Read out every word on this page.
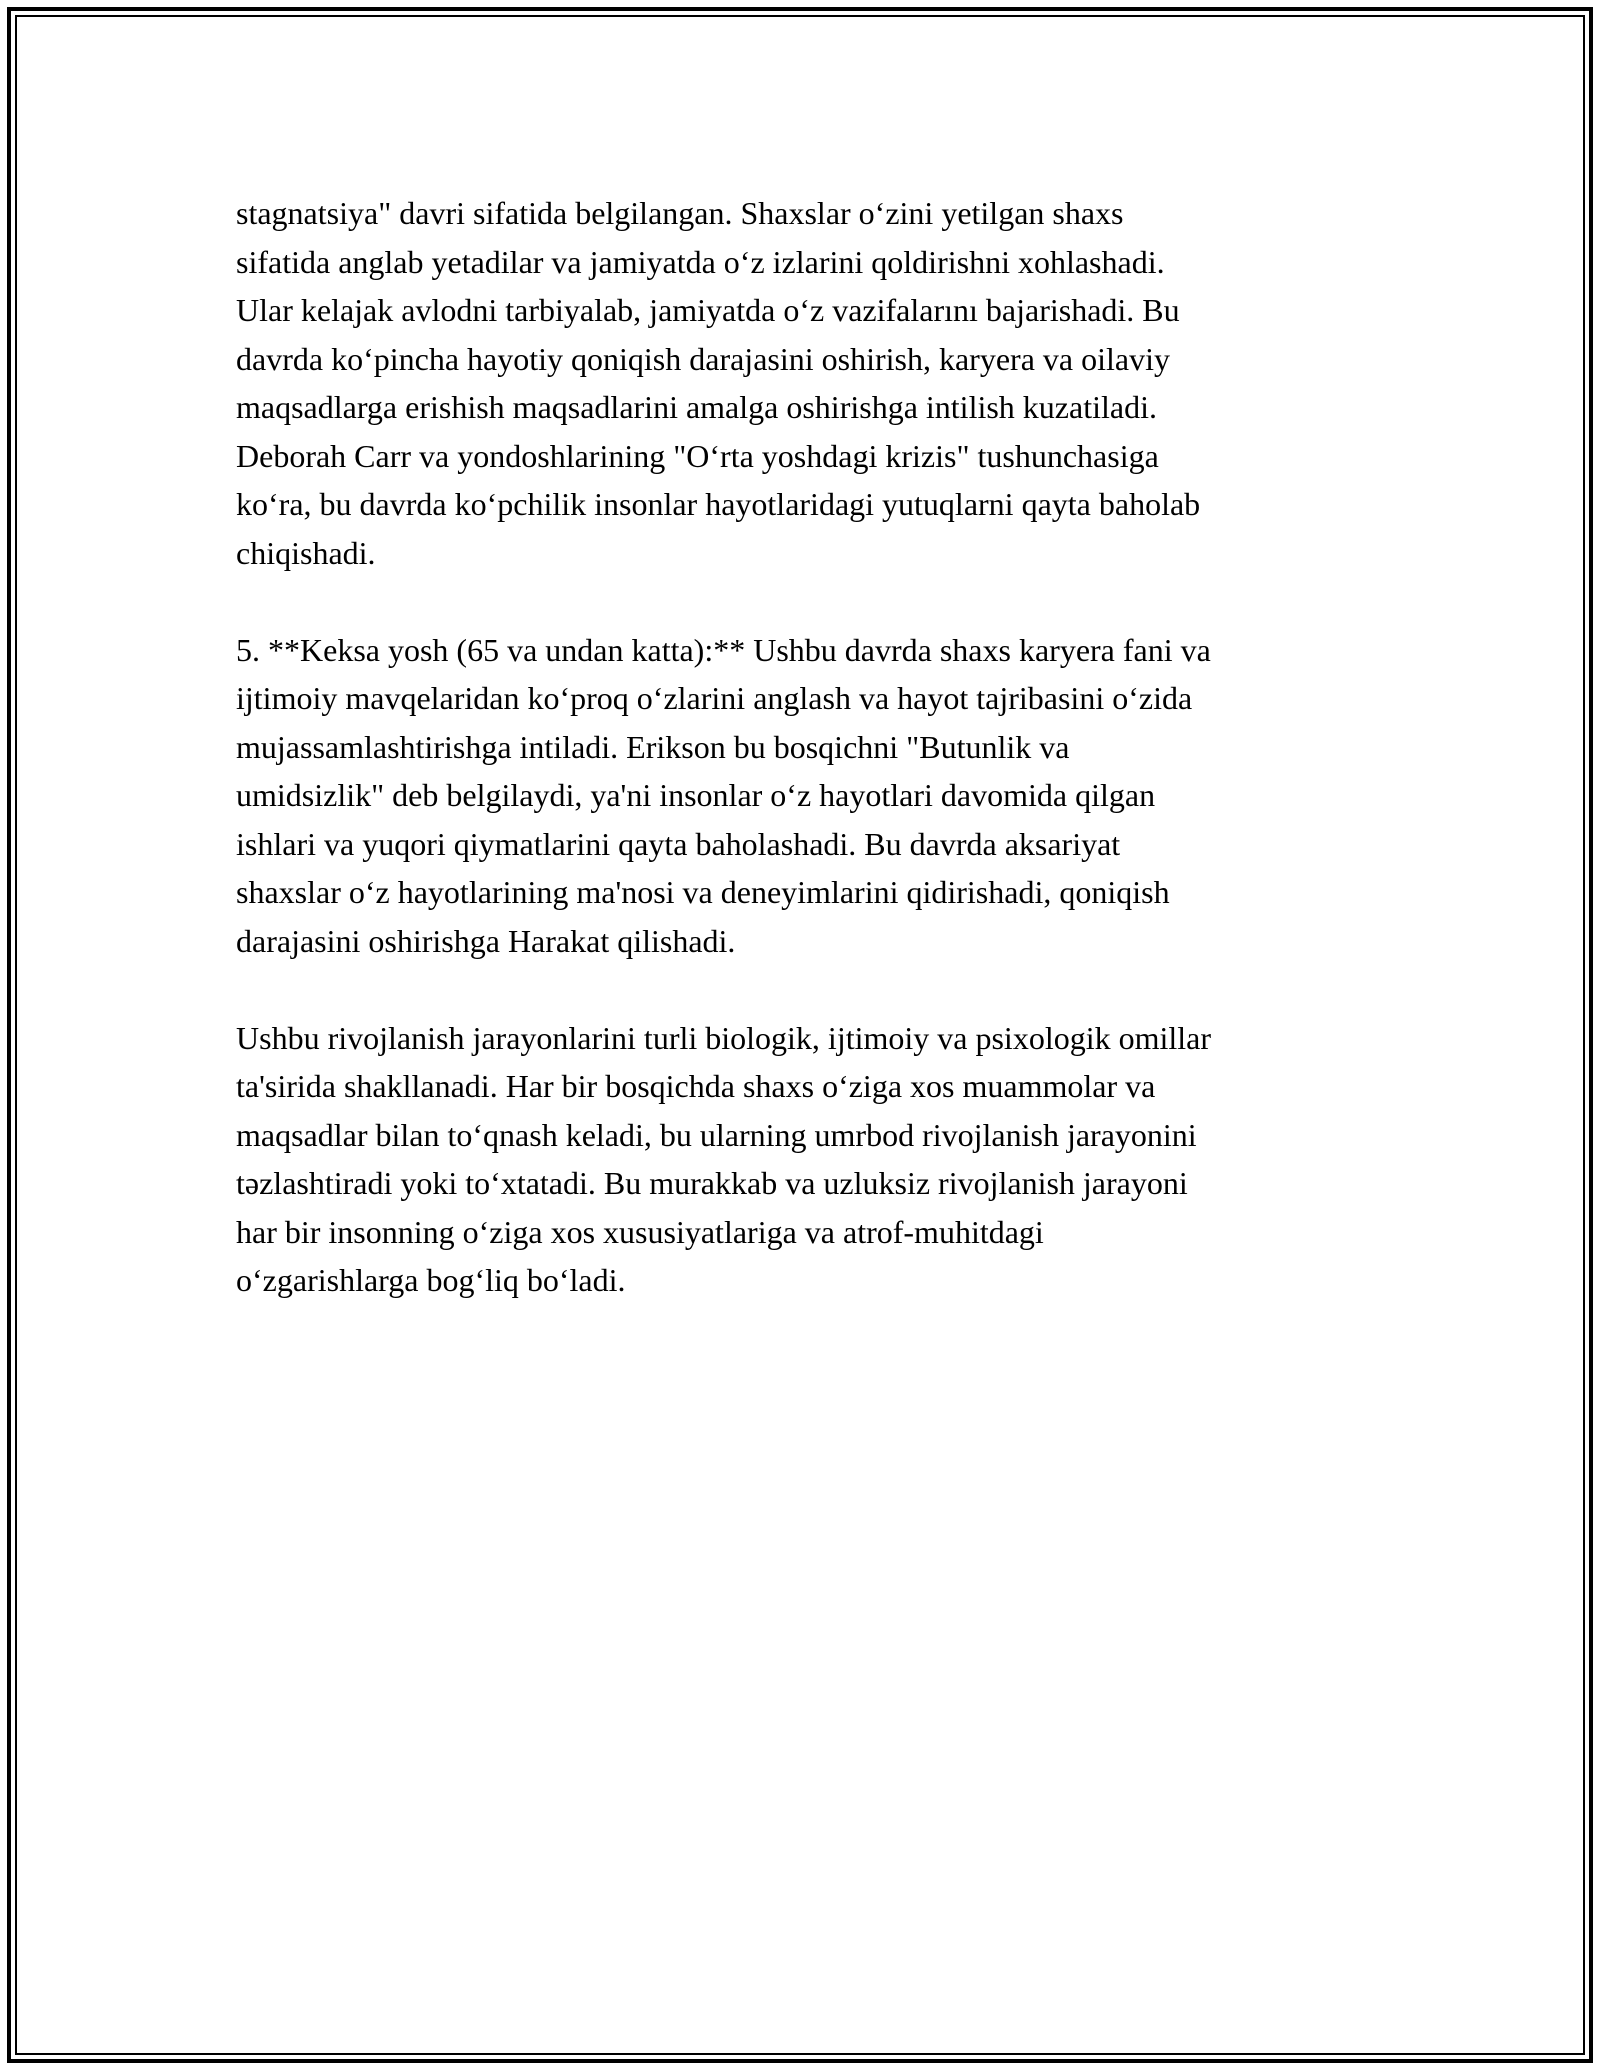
stagnatsiya" davri sifatida belgilangan. Shaxslar o‘zini yetilgan shaxs
sifatida anglab yetadilar va jamiyatda o‘z izlarini qoldirishni xohlashadi.
Ular kelajak avlodni tarbiyalab, jamiyatda o‘z vazifalarını bajarishadi. Bu
davrda ko‘pincha hayotiy qoniqish darajasini oshirish, karyera va oilaviy
maqsadlarga erishish maqsadlarini amalga oshirishga intilish kuzatiladi.
Deborah Carr va yondoshlarining "O‘rta yoshdagi krizis" tushunchasiga
ko‘ra, bu davrda ko‘pchilik insonlar hayotlaridagi yutuqlarni qayta baholab
chiqishadi.

5. **Keksa yosh (65 va undan katta):** Ushbu davrda shaxs karyera fani va
ijtimoiy mavqelaridan ko‘proq o‘zlarini anglash va hayot tajribasini o‘zida
mujassamlashtirishga intiladi. Erikson bu bosqichni "Butunlik va
umidsizlik" deb belgilaydi, ya'ni insonlar o‘z hayotlari davomida qilgan
ishlari va yuqori qiymatlarini qayta baholashadi. Bu davrda aksariyat
shaxslar o‘z hayotlarining ma'nosi va deneyimlarini qidirishadi, qoniqish
darajasini oshirishga Harakat qilishadi.

Ushbu rivojlanish jarayonlarini turli biologik, ijtimoiy va psixologik omillar
ta'sirida shakllanadi. Har bir bosqichda shaxs o‘ziga xos muammolar va
maqsadlar bilan to‘qnash keladi, bu ularning umrbod rivojlanish jarayonini
təzlashtiradi yoki to‘xtatadi. Bu murakkab va uzluksiz rivojlanish jarayoni
har bir insonning o‘ziga xos xususiyatlariga va atrof-muhitdagi
o‘zgarishlarga bog‘liq bo‘ladi.
